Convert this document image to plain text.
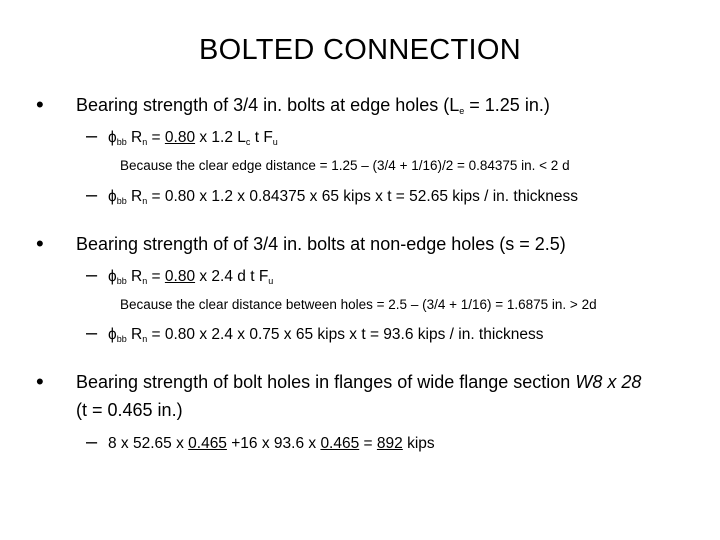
BOLTED CONNECTION
• Bearing strength of 3/4 in. bolts at edge holes ($L_e = 1.25$ in.)
– $\phi_{bb}$ $R_n = 0.80$ x 1.2 $L_c$ t $F_u$
Because the clear edge distance = 1.25 – (3/4 + 1/16)/2 = 0.84375 in. < 2 d
– $\phi_{bb}$ $R_n = 0.80$ x 1.2 x 0.84375 x 65 kips x t = 52.65 kips / in. thickness
• Bearing strength of of 3/4 in. bolts at non-edge holes (s = 2.5)
– $\phi_{bb}$ $R_n = 0.80$ x 2.4 d t $F_u$
Because the clear distance between holes = 2.5 – (3/4 + 1/16) = 1.6875 in. > 2d
– $\phi_{bb}$ $R_n = 0.80$ x 2.4 x 0.75 x 65 kips x t = 93.6 kips / in. thickness
• Bearing strength of bolt holes in flanges of wide flange section W8 x 28
(t = 0.465 in.)
– 8 x 52.65 x 0.465 +16 x 93.6 x 0.465 = 892 kips
